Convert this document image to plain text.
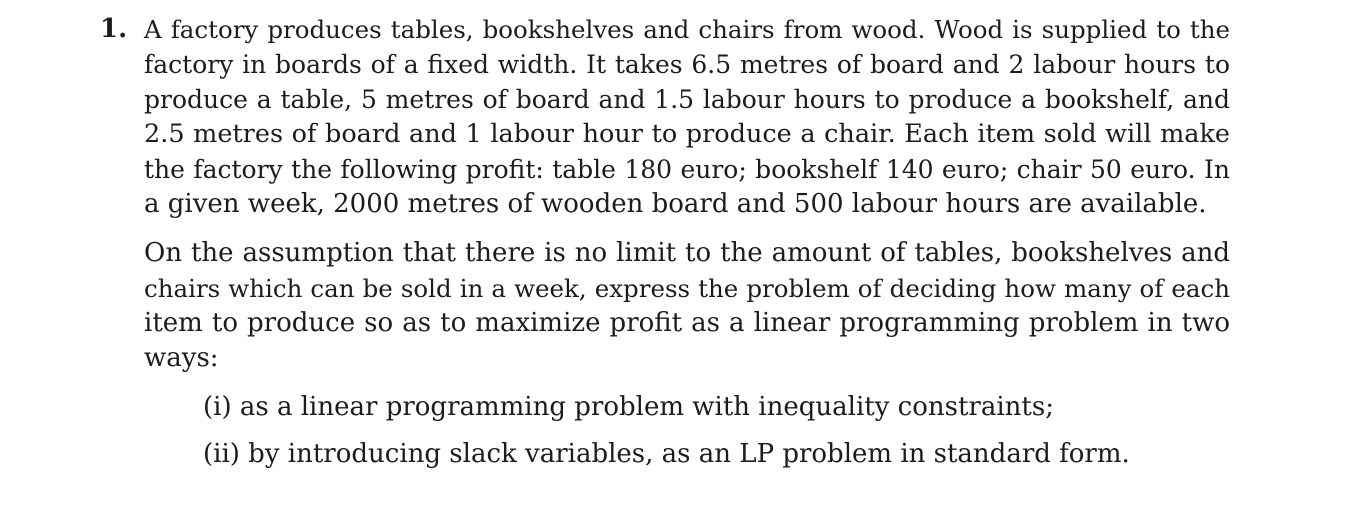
1. A factory produces tables, bookshelves and chairs from wood. Wood is supplied to the
factory in boards of a fixed width. It takes 6.5 metres of board and 2 labour hours to
produce a table, 5 metres of board and 1.5 labour hours to produce a bookshelf, and
2.5 metres of board and 1 labour hour to produce a chair. Each item sold will make
the factory the following profit: table 180 euro; bookshelf 140 euro; chair 50 euro. In
a given week, 2000 metres of wooden board and 500 labour hours are available.
On the assumption that there is no limit to the amount of tables, bookshelves and
chairs which can be sold in a week, express the problem of deciding how many of each
item to produce so as to maximize profit as a linear programming problem in two
ways:
(i) as a linear programming problem with inequality constraints;
(ii) by introducing slack variables, as an LP problem in standard form.
